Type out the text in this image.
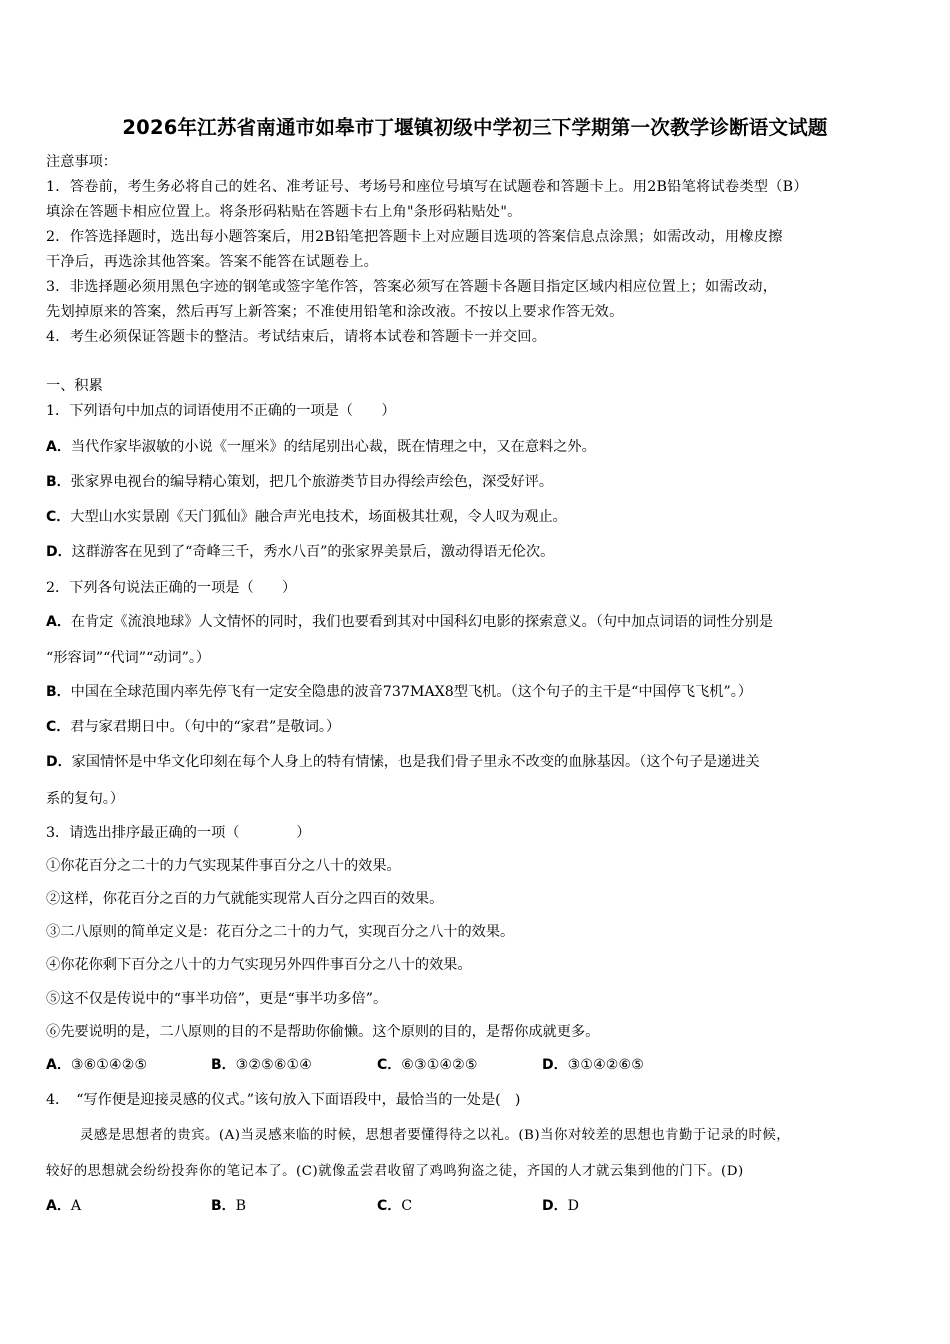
2026年江苏省南通市如皋市丁堰镇初级中学初三下学期第一次教学诊断语文试题
注意事项：
1．答卷前，考生务必将自己的姓名、准考证号、考场号和座位号填写在试题卷和答题卡上。用2B铅笔将试卷类型（B）
填涂在答题卡相应位置上。将条形码粘贴在答题卡右上角"条形码粘贴处"。
2．作答选择题时，选出每小题答案后，用2B铅笔把答题卡上对应题目选项的答案信息点涂黑；如需改动，用橡皮擦
干净后，再选涂其他答案。答案不能答在试题卷上。
3．非选择题必须用黑色字迹的钢笔或签字笔作答，答案必须写在答题卡各题目指定区域内相应位置上；如需改动，
先划掉原来的答案，然后再写上新答案；不准使用铅笔和涂改液。不按以上要求作答无效。
4．考生必须保证答题卡的整洁。考试结束后，请将本试卷和答题卡一并交回。
一、积累
1．下列语句中加点的词语使用不正确的一项是（　　）
A．当代作家毕淑敏的小说《一厘米》的结尾别出心裁，既在情理之中，又在意料之外。
B．张家界电视台的编导精心策划，把几个旅游类节目办得绘声绘色，深受好评。
C．大型山水实景剧《天门狐仙》融合声光电技术，场面极其壮观，令人叹为观止。
D．这群游客在见到了“奇峰三千，秀水八百”的张家界美景后，激动得语无伦次。
2．下列各句说法正确的一项是（　　）
A．在肯定《流浪地球》人文情怀的同时，我们也要看到其对中国科幻电影的探索意义。（句中加点词语的词性分别是
“形容词”“代词”“动词”。）
B．中国在全球范围内率先停飞有一定安全隐患的波音737MAX8型飞机。（这个句子的主干是“中国停飞飞机”。）
C．君与家君期日中。（句中的“家君”是敬词。）
D．家国情怀是中华文化印刻在每个人身上的特有情愫，也是我们骨子里永不改变的血脉基因。（这个句子是递进关
系的复句。）
3．请选出排序最正确的一项（　　　　）
①你花百分之二十的力气实现某件事百分之八十的效果。
②这样，你花百分之百的力气就能实现常人百分之四百的效果。
③二八原则的简单定义是：花百分之二十的力气，实现百分之八十的效果。
④你花你剩下百分之八十的力气实现另外四件事百分之八十的效果。
⑤这不仅是传说中的“事半功倍”，更是“事半功多倍”。
⑥先要说明的是，二八原则的目的不是帮助你偷懒。这个原则的目的，是帮你成就更多。
A．③⑥①④②⑤	B．③②⑤⑥①④	C．⑥③①④②⑤	D．③①④②⑥⑤
4．　“写作便是迎接灵感的仪式。”该句放入下面语段中，最恰当的一处是(　)
灵感是思想者的贵宾。(A)当灵感来临的时候，思想者要懂得待之以礼。(B)当你对较差的思想也肯勤于记录的时候，
较好的思想就会纷纷投奔你的笔记本了。(C)就像孟尝君收留了鸡鸣狗盗之徒，齐国的人才就云集到他的门下。(D)
A．A	B．B	C．C	D．D
